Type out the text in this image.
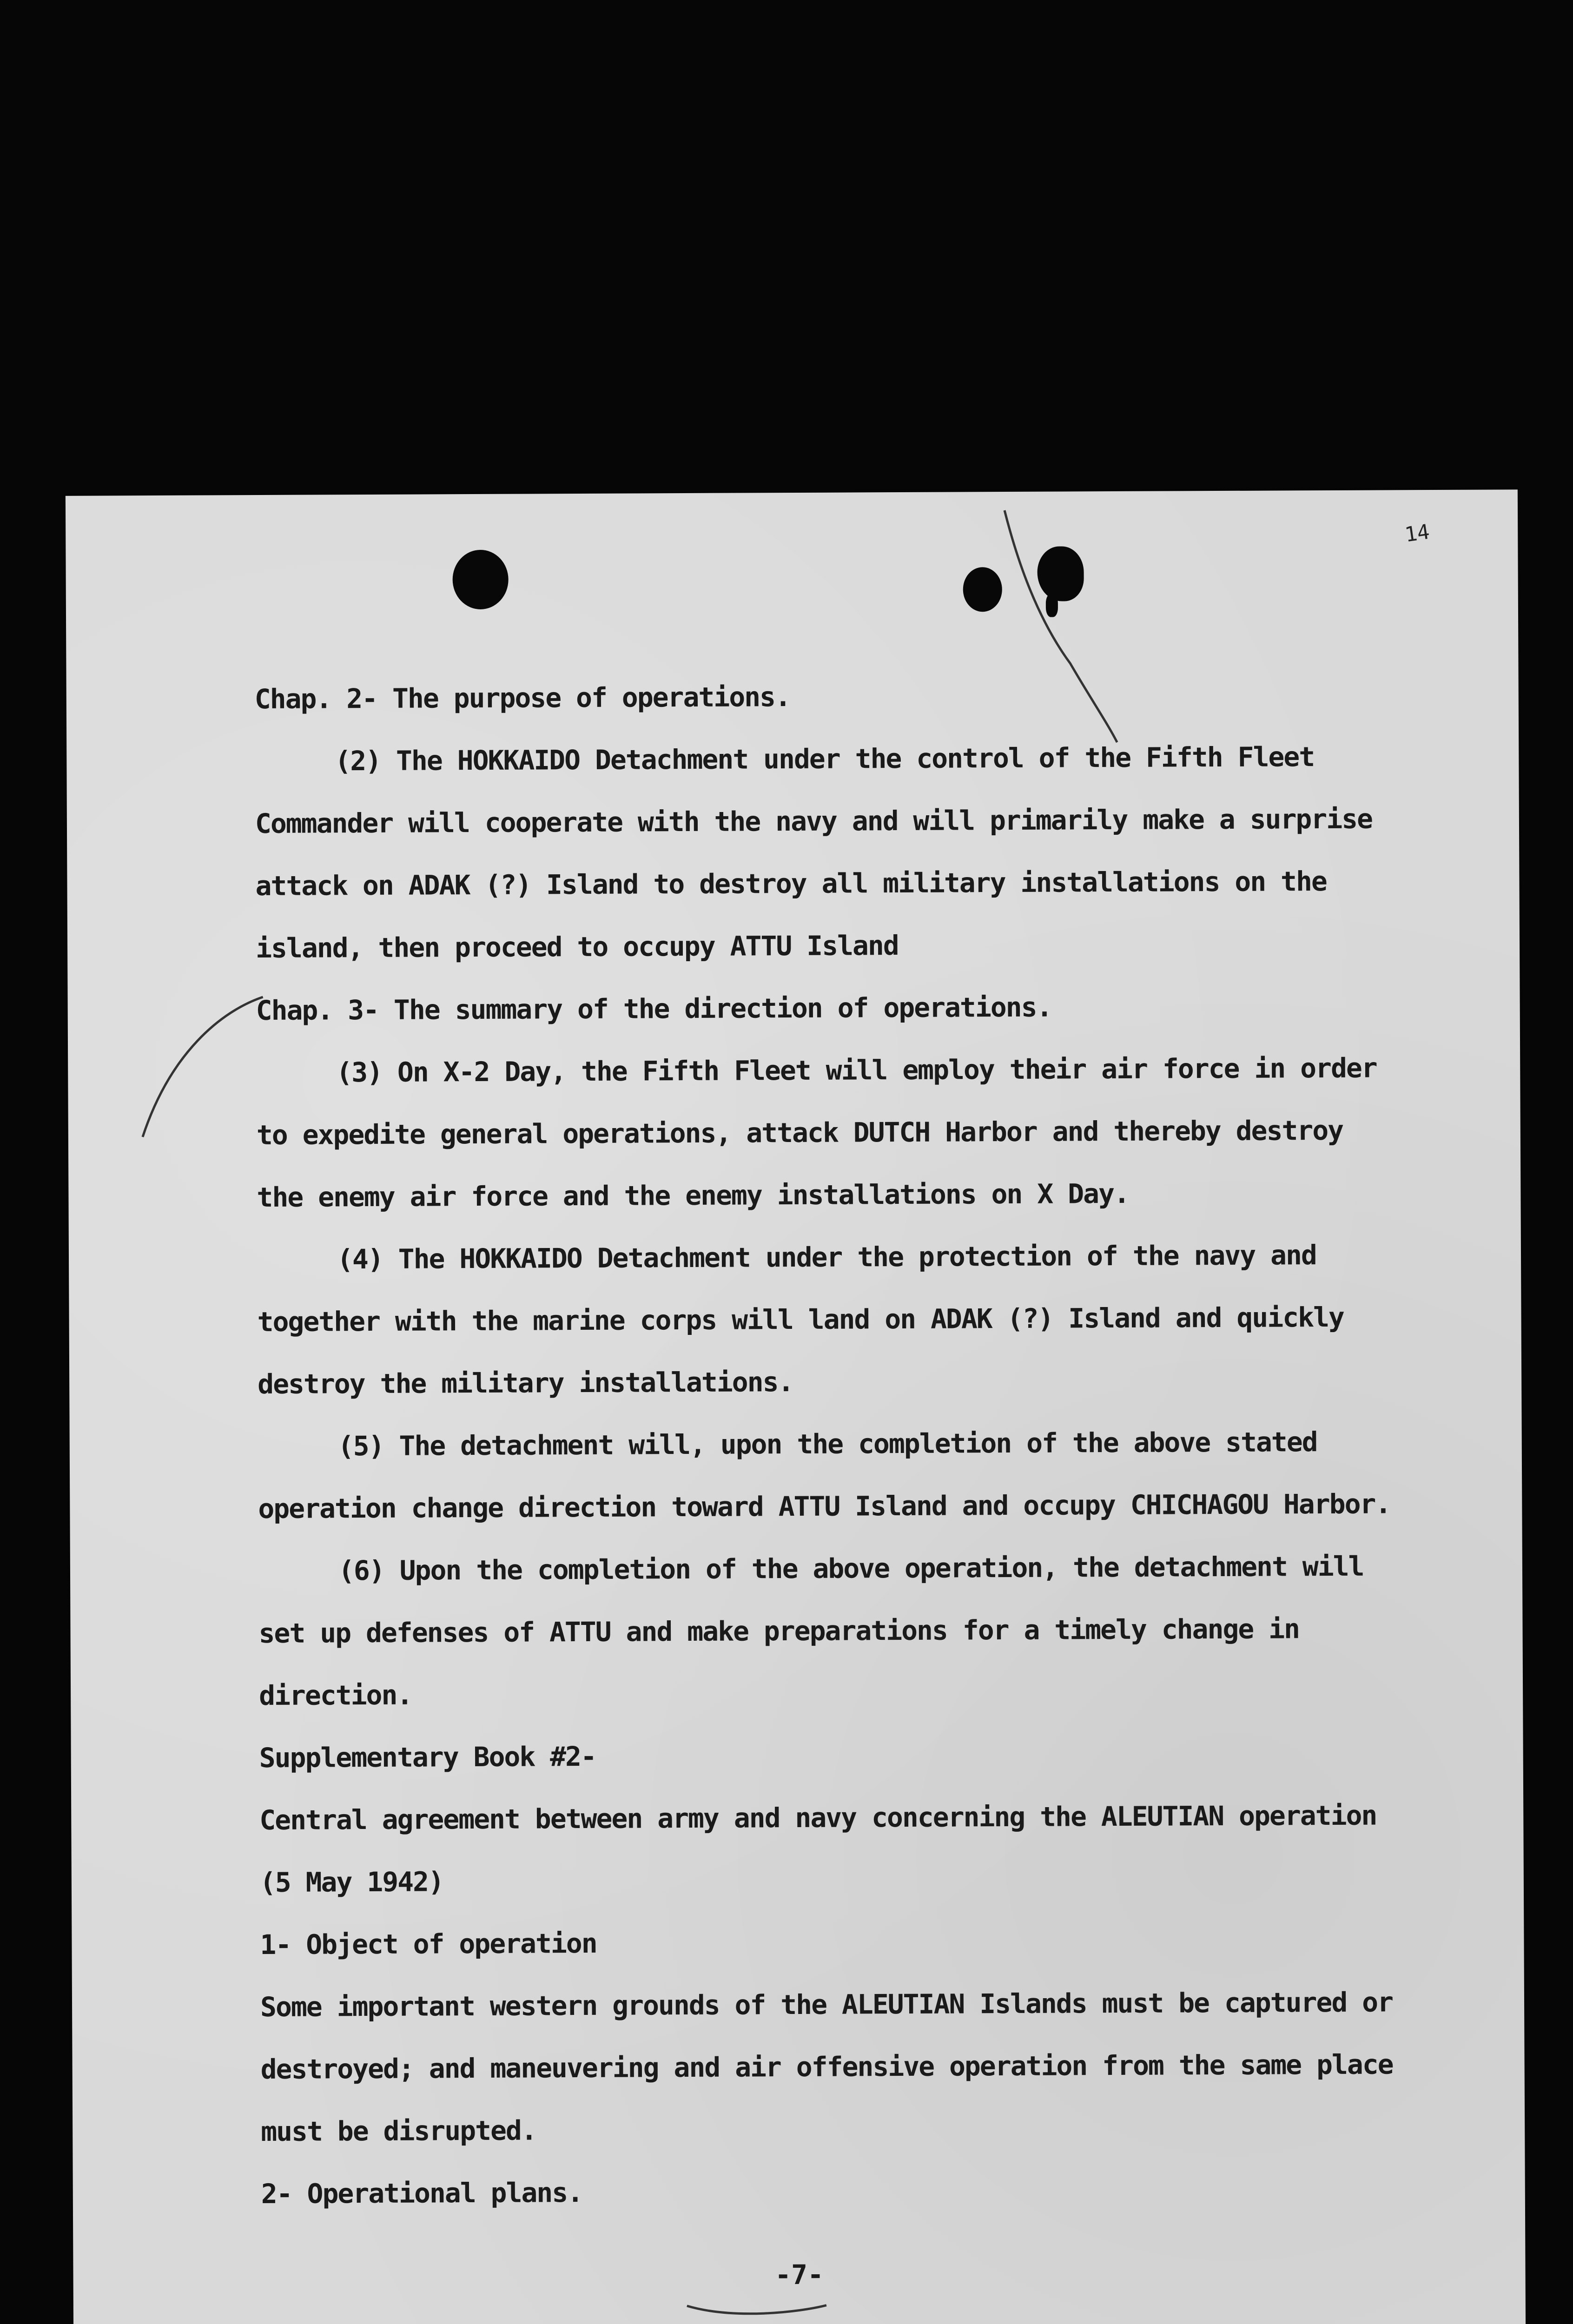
14
Chap. 2- The purpose of operations.
(2) The HOKKAIDO Detachment under the control of the Fifth Fleet
Commander will cooperate with the navy and will primarily make a surprise
attack on ADAK (?) Island to destroy all military installations on the
island, then proceed to occupy ATTU Island
Chap. 3- The summary of the direction of operations.
(3) On X-2 Day, the Fifth Fleet will employ their air force in order
to expedite general operations, attack DUTCH Harbor and thereby destroy
the enemy air force and the enemy installations on X Day.
(4) The HOKKAIDO Detachment under the protection of the navy and
together with the marine corps will land on ADAK (?) Island and quickly
destroy the military installations.
(5) The detachment will, upon the completion of the above stated
operation change direction toward ATTU Island and occupy CHICHAGOU Harbor.
(6) Upon the completion of the above operation, the detachment will
set up defenses of ATTU and make preparations for a timely change in
direction.
Supplementary Book #2-
Central agreement between army and navy concerning the ALEUTIAN operation
(5 May 1942)
1- Object of operation
Some important western grounds of the ALEUTIAN Islands must be captured or
destroyed; and maneuvering and air offensive operation from the same place
must be disrupted.
2- Operational plans.
-7-
